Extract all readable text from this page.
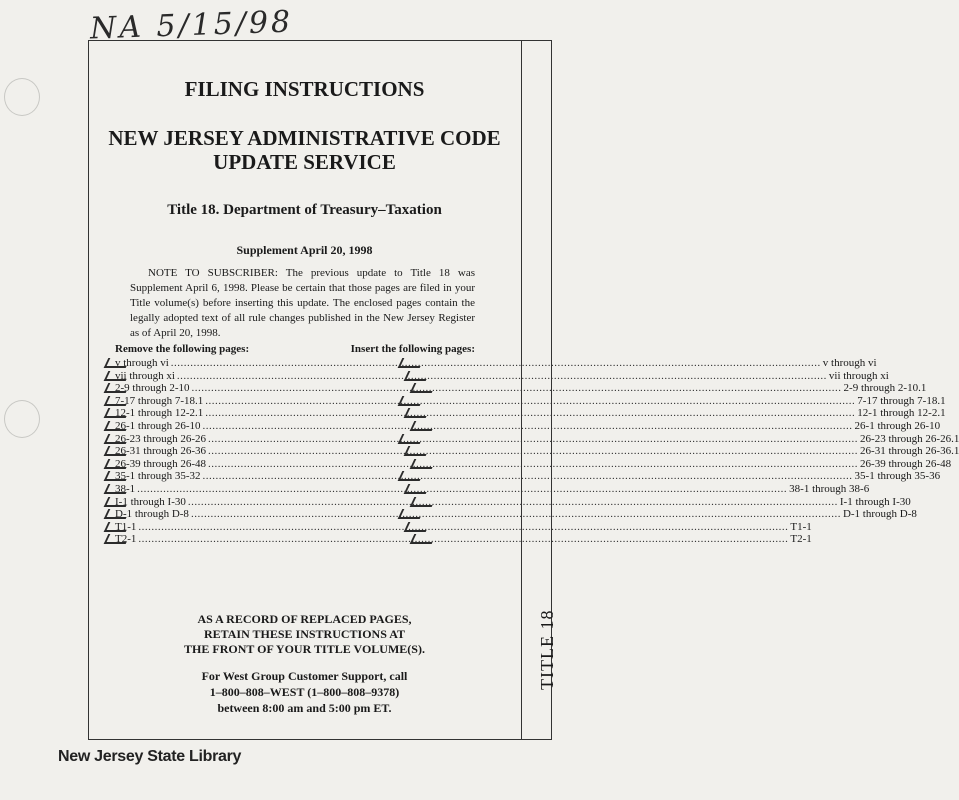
NA 5/15/98
TITLE 18
FILING INSTRUCTIONS
NEW JERSEY ADMINISTRATIVE CODE
UPDATE SERVICE
Title 18. Department of Treasury–Taxation
Supplement April 20, 1998
NOTE TO SUBSCRIBER: The previous update to Title 18 was Supplement April 6, 1998. Please be certain that those pages are filed in your Title volume(s) before inserting this update. The enclosed pages contain the legally adopted text of all rule changes published in the New Jersey Register as of April 20, 1998.
Remove the following pages:	Insert the following pages:
v through vi ........................................................................................................................................................................................................ v through vi
vii through xi ........................................................................................................................................................................................................ vii through xi
2-9 through 2-10 ........................................................................................................................................................................................................ 2-9 through 2-10.1
7-17 through 7-18.1 ........................................................................................................................................................................................................ 7-17 through 7-18.1
12-1 through 12-2.1 ........................................................................................................................................................................................................ 12-1 through 12-2.1
26-1 through 26-10 ........................................................................................................................................................................................................ 26-1 through 26-10
26-23 through 26-26 ........................................................................................................................................................................................................ 26-23 through 26-26.1
26-31 through 26-36 ........................................................................................................................................................................................................ 26-31 through 26-36.1
26-39 through 26-48 ........................................................................................................................................................................................................ 26-39 through 26-48
35-1 through 35-32 ........................................................................................................................................................................................................ 35-1 through 35-36
38-1 ........................................................................................................................................................................................................ 38-1 through 38-6
I-1 through I-30 ........................................................................................................................................................................................................ I-1 through I-30
D-1 through D-8 ........................................................................................................................................................................................................ D-1 through D-8
T1-1 ........................................................................................................................................................................................................ T1-1
T2-1 ........................................................................................................................................................................................................ T2-1
AS A RECORD OF REPLACED PAGES,
RETAIN THESE INSTRUCTIONS AT
THE FRONT OF YOUR TITLE VOLUME(S).
For West Group Customer Support, call
1–800–808–WEST (1–800–808–9378)
between 8:00 am and 5:00 pm ET.
New Jersey State Library
